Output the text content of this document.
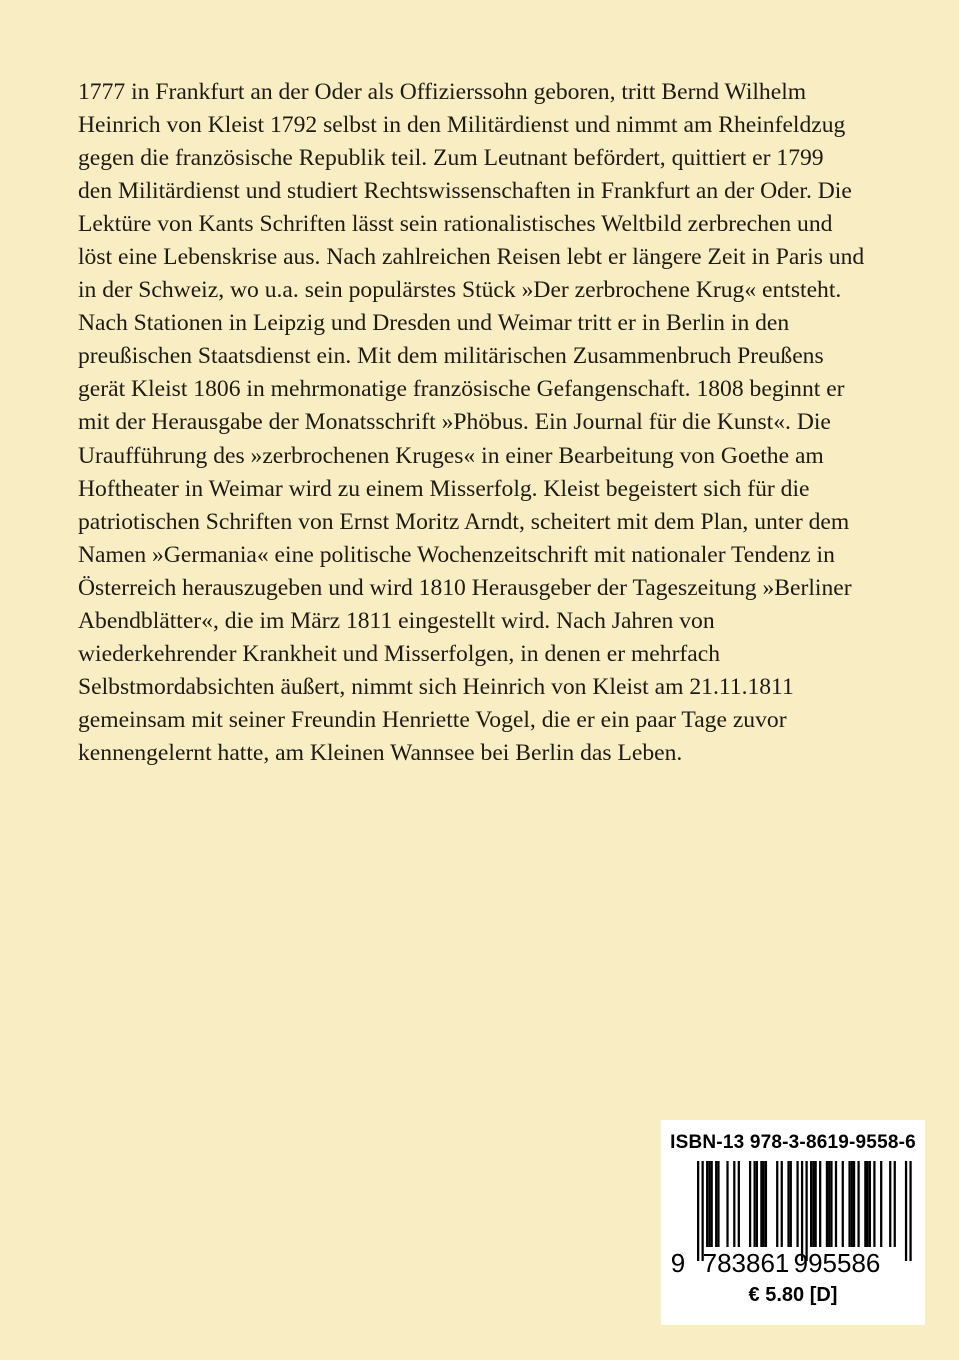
1777 in Frankfurt an der Oder als Offizierssohn geboren, tritt Bernd Wilhelm
Heinrich von Kleist 1792 selbst in den Militärdienst und nimmt am Rheinfeldzug
gegen die französische Republik teil. Zum Leutnant befördert, quittiert er 1799
den Militärdienst und studiert Rechtswissenschaften in Frankfurt an der Oder. Die
Lektüre von Kants Schriften lässt sein rationalistisches Weltbild zerbrechen und
löst eine Lebenskrise aus. Nach zahlreichen Reisen lebt er längere Zeit in Paris und
in der Schweiz, wo u.a. sein populärstes Stück »Der zerbrochene Krug« entsteht.
Nach Stationen in Leipzig und Dresden und Weimar tritt er in Berlin in den
preußischen Staatsdienst ein. Mit dem militärischen Zusammenbruch Preußens
gerät Kleist 1806 in mehrmonatige französische Gefangenschaft. 1808 beginnt er
mit der Herausgabe der Monatsschrift »Phöbus. Ein Journal für die Kunst«. Die
Uraufführung des »zerbrochenen Kruges« in einer Bearbeitung von Goethe am
Hoftheater in Weimar wird zu einem Misserfolg. Kleist begeistert sich für die
patriotischen Schriften von Ernst Moritz Arndt, scheitert mit dem Plan, unter dem
Namen »Germania« eine politische Wochenzeitschrift mit nationaler Tendenz in
Österreich herauszugeben und wird 1810 Herausgeber der Tageszeitung »Berliner
Abendblätter«, die im März 1811 eingestellt wird. Nach Jahren von
wiederkehrender Krankheit und Misserfolgen, in denen er mehrfach
Selbstmordabsichten äußert, nimmt sich Heinrich von Kleist am 21.11.1811
gemeinsam mit seiner Freundin Henriette Vogel, die er ein paar Tage zuvor
kennengelernt hatte, am Kleinen Wannsee bei Berlin das Leben.
ISBN-13 978-3-8619-9558-6
9 783861 995586
€ 5.80 [D]
